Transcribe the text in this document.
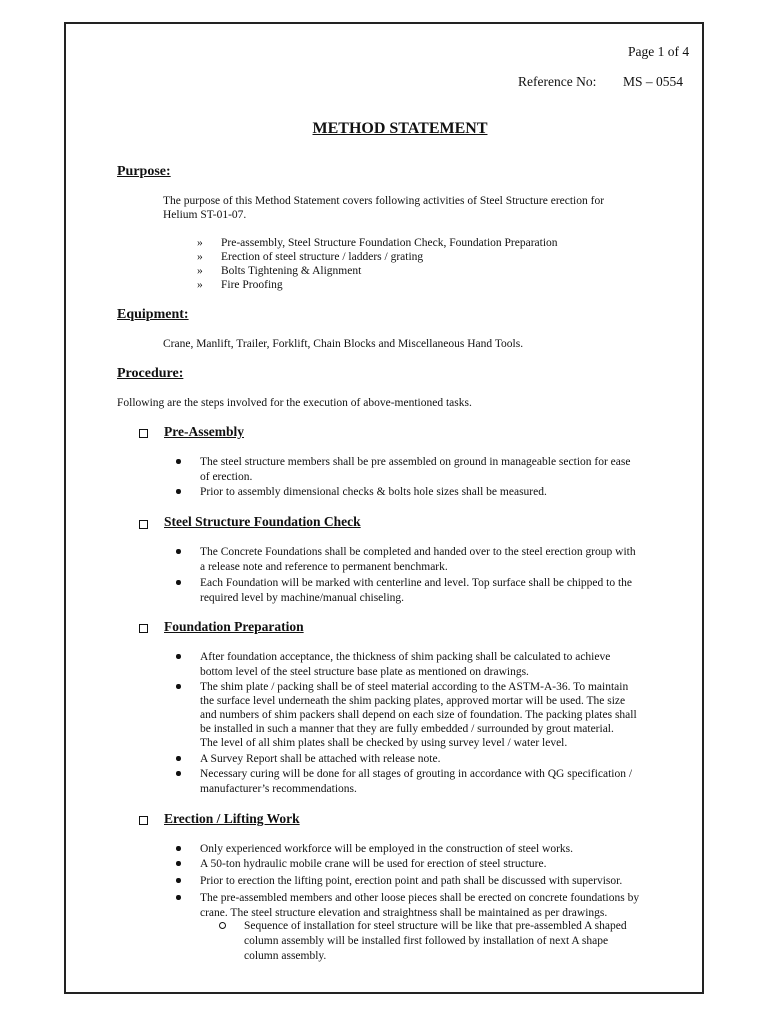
Page 1 of 4
Reference No: MS – 0554
METHOD STATEMENT
Purpose:
The purpose of this Method Statement covers following activities of Steel Structure erection for
Helium ST-01-07.
» Pre-assembly, Steel Structure Foundation Check, Foundation Preparation
» Erection of steel structure / ladders / grating
» Bolts Tightening & Alignment
» Fire Proofing
Equipment:
Crane, Manlift, Trailer, Forklift, Chain Blocks and Miscellaneous Hand Tools.
Procedure:
Following are the steps involved for the execution of above-mentioned tasks.
Pre-Assembly
The steel structure members shall be pre assembled on ground in manageable section for ease
of erection.
Prior to assembly dimensional checks & bolts hole sizes shall be measured.
Steel Structure Foundation Check
The Concrete Foundations shall be completed and handed over to the steel erection group with
a release note and reference to permanent benchmark.
Each Foundation will be marked with centerline and level. Top surface shall be chipped to the
required level by machine/manual chiseling.
Foundation Preparation
After foundation acceptance, the thickness of shim packing shall be calculated to achieve
bottom level of the steel structure base plate as mentioned on drawings.
The shim plate / packing shall be of steel material according to the ASTM-A-36. To maintain
the surface level underneath the shim packing plates, approved mortar will be used. The size
and numbers of shim packers shall depend on each size of foundation. The packing plates shall
be installed in such a manner that they are fully embedded / surrounded by grout material.
The level of all shim plates shall be checked by using survey level / water level.
A Survey Report shall be attached with release note.
Necessary curing will be done for all stages of grouting in accordance with QG specification /
manufacturer’s recommendations.
Erection / Lifting Work
Only experienced workforce will be employed in the construction of steel works.
A 50-ton hydraulic mobile crane will be used for erection of steel structure.
Prior to erection the lifting point, erection point and path shall be discussed with supervisor.
The pre-assembled members and other loose pieces shall be erected on concrete foundations by
crane. The steel structure elevation and straightness shall be maintained as per drawings.
Sequence of installation for steel structure will be like that pre-assembled A shaped
column assembly will be installed first followed by installation of next A shape
column assembly.
